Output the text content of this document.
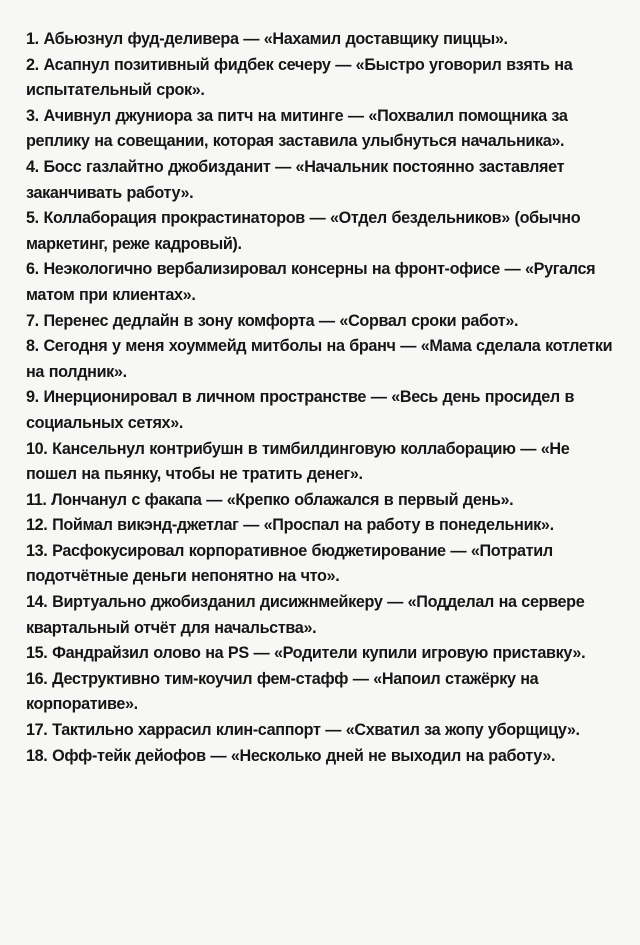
1. Абьюзнул фуд-деливера — «Нахамил доставщику пиццы».
2. Асапнул позитивный фидбек сечеру — «Быстро уговорил взять на испытательный срок».
3. Ачивнул джуниора за питч на митинге — «Похвалил помощника за реплику на совещании, которая заставила улыбнуться начальника».
4. Босс газлайтно джобизданит — «Начальник постоянно заставляет заканчивать работу».
5. Коллаборация прокрастинаторов — «Отдел бездельников» (обычно маркетинг, реже кадровый).
6. Неэкологично вербализировал консерны на фронт-офисе — «Ругался матом при клиентах».
7. Перенес дедлайн в зону комфорта — «Сорвал сроки работ».
8. Сегодня у меня хоуммейд митболы на бранч — «Мама сделала котлетки на полдник».
9. Инерционировал в личном пространстве — «Весь день просидел в социальных сетях».
10. Кансельнул контрибушн в тимбилдинговую коллаборацию — «Не пошел на пьянку, чтобы не тратить денег».
11. Лончанул с факапа — «Крепко облажался в первый день».
12. Поймал викэнд-джетлаг — «Проспал на работу в понедельник».
13. Расфокусировал корпоративное бюджетирование — «Потратил подотчётные деньги непонятно на что».
14. Виртуально джобизданил дисижнмейкеру — «Подделал на сервере квартальный отчёт для начальства».
15. Фандрайзил олово на PS — «Родители купили игровую приставку».
16. Деструктивно тим-коучил фем-стафф — «Напоил стажёрку на корпоративе».
17. Тактильно харрасил клин-саппорт — «Схватил за жопу уборщицу».
18. Офф-тейк дейофов — «Несколько дней не выходил на работу».
